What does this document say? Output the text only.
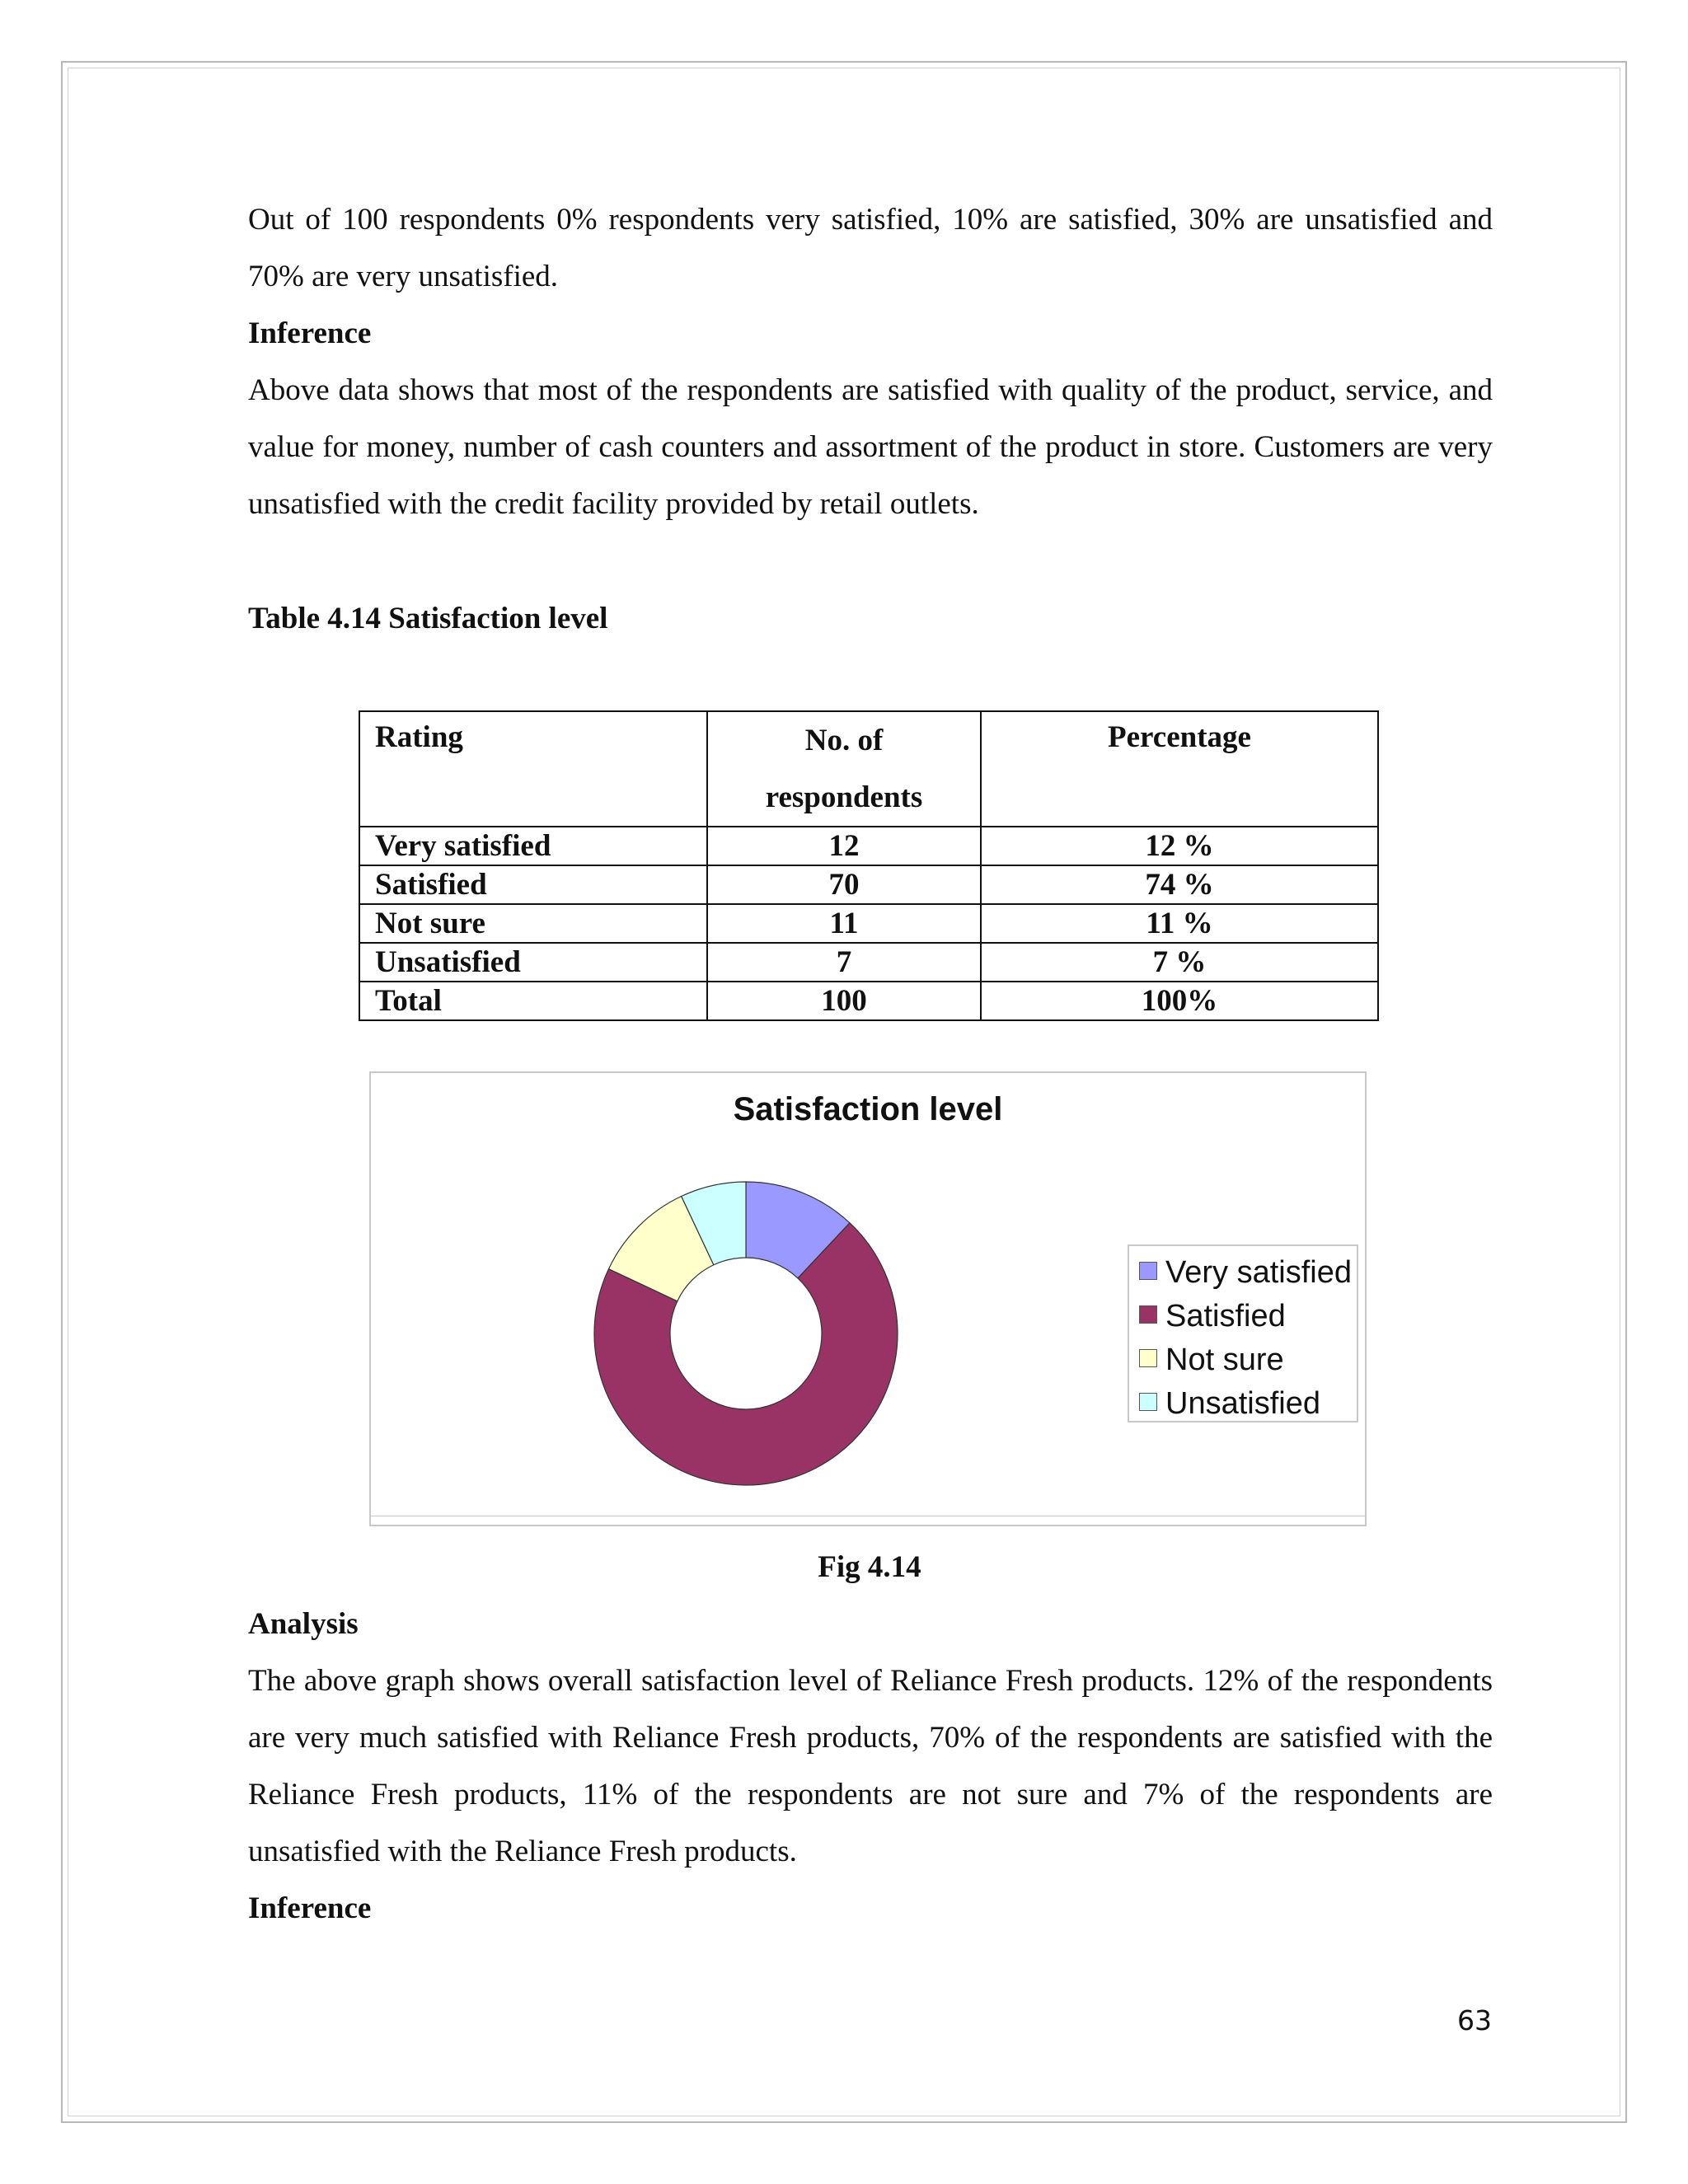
Out of 100 respondents 0% respondents very satisfied, 10% are satisfied, 30% are unsatisfied and 70% are very unsatisfied.

Inference

Above data shows that most of the respondents are satisfied with quality of the product, service, and value for money, number of cash counters and assortment of the product in store. Customers are very unsatisfied with the credit facility provided by retail outlets.

Table 4.14 Satisfaction level

Rating	No. of respondents	Percentage

Very satisfied	12	12 %
Satisfied	70	74 %
Not sure	11	11 %
Unsatisfied	7	7 %
Total	100	100%
Satisfaction level
Very satisfied
Satisfied
Not sure
Unsatisfied
Fig 4.14

Analysis

The above graph shows overall satisfaction level of Reliance Fresh products. 12% of the respondents are very much satisfied with Reliance Fresh products, 70% of the respondents are satisfied with the Reliance Fresh products, 11% of the respondents are not sure and 7% of the respondents are unsatisfied with the Reliance Fresh products.

Inference

63
